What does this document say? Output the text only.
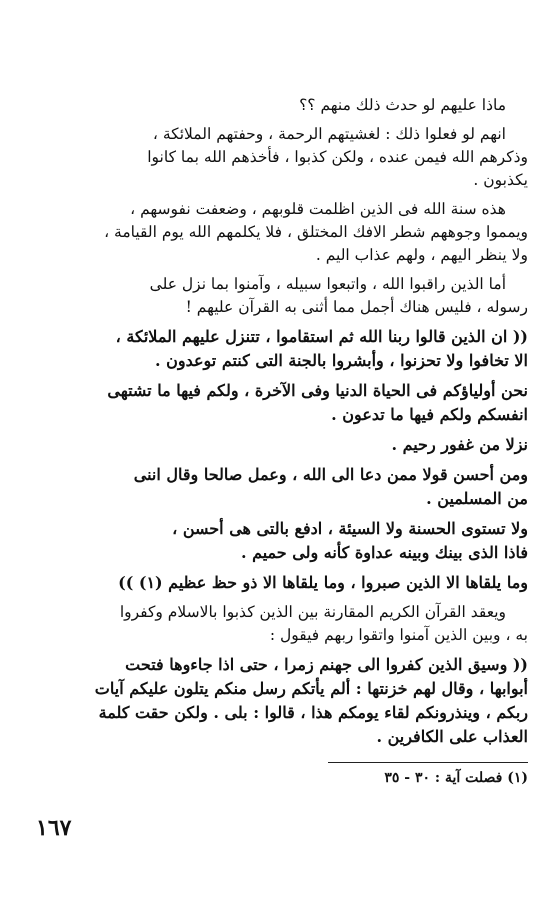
ماذا عليهم لو حدث ذلك منهم ؟؟

انهم لو فعلوا ذلك : لغشيتهم الرحمة ، وحفتهم الملائكة ،
وذكرهم الله فيمن عنده ، ولكن كذبوا ، فأخذهم الله بما كانوا
يكذبون .

هذه سنة الله فى الذين اظلمت قلوبهم ، وضعفت نفوسهم ،
ويمموا وجوههم شطر الافك المختلق ، فلا يكلمهم الله يوم القيامة ،
ولا ينظر اليهم ، ولهم عذاب اليم .

أما الذين راقبوا الله ، واتبعوا سبيله ، وآمنوا بما نزل على
رسوله ، فليس هناك أجمل مما أثنى به القرآن عليهم !

(( ان الذين قالوا ربنا الله ثم استقاموا ، تتنزل عليهم الملائكة ،
الا تخافوا ولا تحزنوا ، وأبشروا بالجنة التى كنتم توعدون .

نحن أولياؤكم فى الحياة الدنيا وفى الآخرة ، ولكم فيها ما تشتهى
انفسكم ولكم فيها ما تدعون .

نزلا من غفور رحيم .

ومن أحسن قولا ممن دعا الى الله ، وعمل صالحا وقال اننى
من المسلمين .

ولا تستوى الحسنة ولا السيئة ، ادفع بالتى هى أحسن ،
فاذا الذى بينك وبينه عداوة كأنه ولى حميم .

وما يلقاها الا الذين صبروا ، وما يلقاها الا ذو حظ عظيم (١) ))

ويعقد القرآن الكريم المقارنة بين الذين كذبوا بالاسلام وكفروا
به ، وبين الذين آمنوا واتقوا ربهم فيقول :

(( وسيق الذين كفروا الى جهنم زمرا ، حتى اذا جاءوها فتحت
أبوابها ، وقال لهم خزنتها : ألم يأتكم رسل منكم يتلون عليكم آيات
ربكم ، وينذرونكم لقاء يومكم هذا ، قالوا : بلى . ولكن حقت كلمة
العذاب على الكافرين .

(١) فصلت آية : ٣٠ - ٣٥
١٦٧
